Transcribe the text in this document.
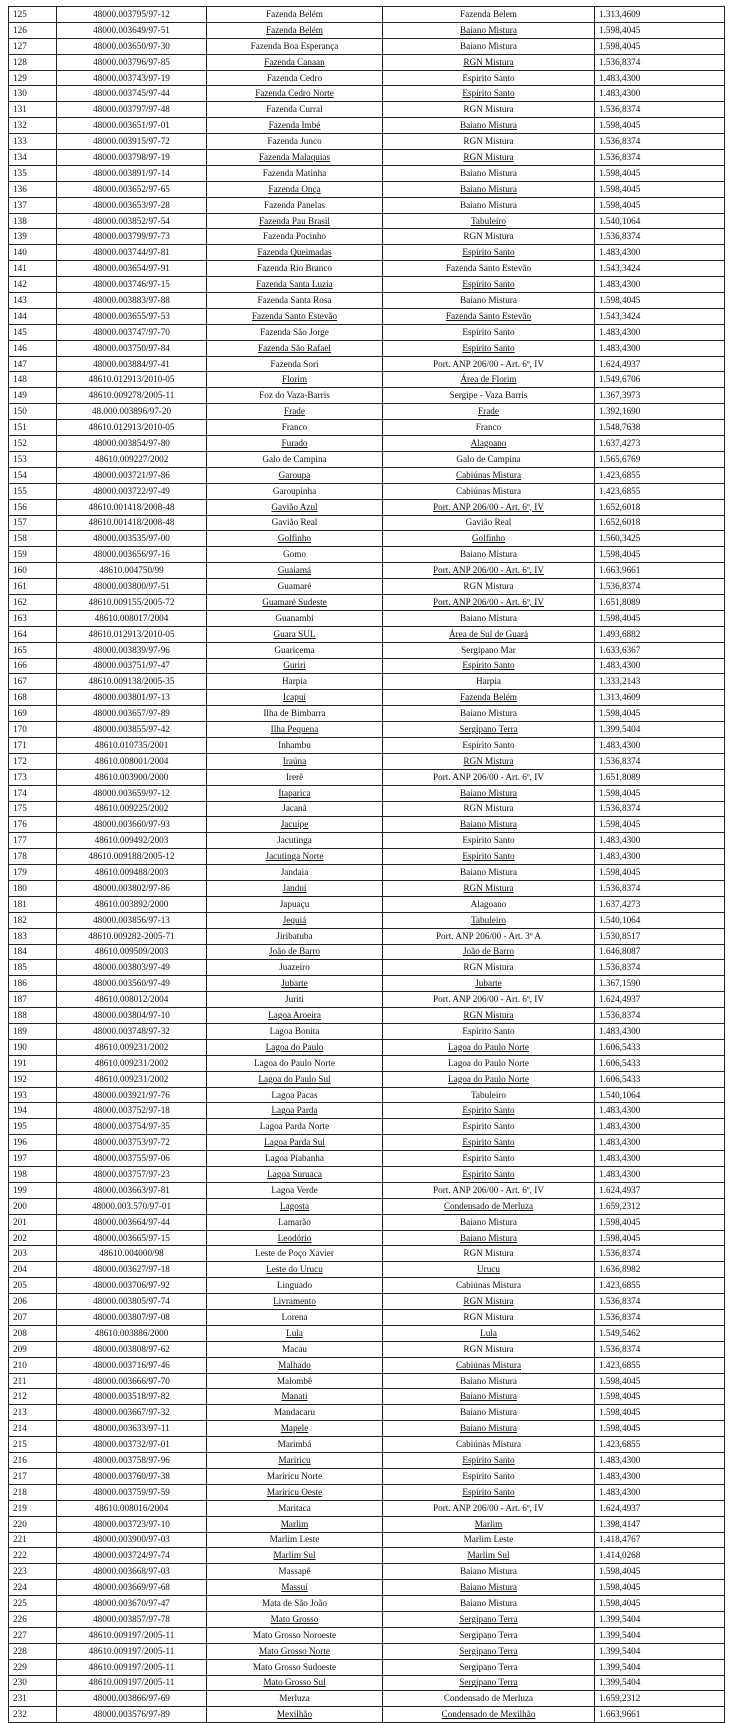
125	48000.003795/97-12	Fazenda Belém	Fazenda Belem	1.313,4609
126	48000.003649/97-51	Fazenda Belém	Baiano Mistura	1.598,4045
127	48000.003650/97-30	Fazenda Boa Esperança	Baiano Mistura	1.598,4045
128	48000.003796/97-85	Fazenda Canaan	RGN Mistura	1.536,8374
129	48000.003743/97-19	Fazenda Cedro	Espírito Santo	1.483,4300
130	48000.003745/97-44	Fazenda Cedro Norte	Espírito Santo	1.483,4300
131	48000.003797/97-48	Fazenda Curral	RGN Mistura	1.536,8374
132	48000.003651/97-01	Fazenda Imbé	Baiano Mistura	1.598,4045
133	48000.003915/97-72	Fazenda Junco	RGN Mistura	1.536,8374
134	48000.003798/97-19	Fazenda Malaquias	RGN Mistura	1.536,8374
135	48000.003891/97-14	Fazenda Matinha	Baiano Mistura	1.598,4045
136	48000.003652/97-65	Fazenda Onça	Baiano Mistura	1.598,4045
137	48000.003653/97-28	Fazenda Panelas	Baiano Mistura	1.598,4045
138	48000.003852/97-54	Fazenda Pau Brasil	Tabuleiro	1.540,1064
139	48000.003799/97-73	Fazenda Pocinho	RGN Mistura	1.536,8374
140	48000.003744/97-81	Fazenda Queimadas	Espírito Santo	1.483,4300
141	48000.003654/97-91	Fazenda Rio Branco	Fazenda Santo Estevão	1.543,3424
142	48000.003746/97-15	Fazenda Santa Luzia	Espírito Santo	1.483,4300
143	48000.003883/97-88	Fazenda Santa Rosa	Baiano Mistura	1.598,4045
144	48000.003655/97-53	Fazenda Santo Estevão	Fazenda Santo Estevão	1.543,3424
145	48000.003747/97-70	Fazenda São Jorge	Espírito Santo	1.483,4300
146	48000.003750/97-84	Fazenda São Rafael	Espírito Santo	1.483,4300
147	48000.003884/97-41	Fazenda Sori	Port. ANP 206/00 - Art. 6º, IV	1.624,4937
148	48610.012913/2010-05	Florim	Área de Florim	1.549,6706
149	48610.009278/2005-11	Foz do Vaza-Barris	Sergipe - Vaza Barris	1.367,3973
150	48.000.003896/97-20	Frade	Frade	1.392,1690
151	48610.012913/2010-05	Franco	Franco	1.548,7638
152	48000.003854/97-80	Furado	Alagoano	1.637,4273
153	48610.009227/2002	Galo de Campina	Galo de Campina	1.565,6769
154	48000.003721/97-86	Garoupa	Cabiúnas Mistura	1.423,6855
155	48000.003722/97-49	Garoupinha	Cabiúnas Mistura	1.423,6855
156	48610.001418/2008-48	Gavião Azul	Port. ANP 206/00 - Art. 6º, IV	1.652,6018
157	48610.001418/2008-48	Gavião Real	Gavião Real	1.652,6018
158	48000.003535/97-00	Golfinho	Golfinho	1.560,3425
159	48000.003656/97-16	Gomo	Baiano Mistura	1.598,4045
160	48610.004750/99	Guaiamá	Port. ANP 206/00 - Art. 6º, IV	1.663,9661
161	48000.003800/97-51	Guamaré	RGN Mistura	1.536,8374
162	48610.009155/2005-72	Guamaré Sudeste	Port. ANP 206/00 - Art. 6º, IV	1.651,8089
163	48610.008017/2004	Guanambi	Baiano Mistura	1.598,4045
164	48610.012913/2010-05	Guara SUL	Área de Sul de Guará	1.493,6882
165	48000.003839/97-96	Guaricema	Sergipano Mar	1.633,6367
166	48000.003751/97-47	Guriri	Espírito Santo	1.483,4300
167	48610.009138/2005-35	Harpia	Harpia	1.333,2143
168	48000.003801/97-13	Icapuí	Fazenda Belém	1.313,4609
169	48000.003657/97-89	Ilha de Bimbarra	Baiano Mistura	1.598,4045
170	48000.003855/97-42	Ilha Pequena	Sergipano Terra	1.399,5404
171	48610.010735/2001	Inhambu	Espírito Santo	1.483,4300
172	48610.008001/2004	Iraúna	RGN Mistura	1.536,8374
173	48610.003900/2000	Irerê	Port. ANP 206/00 - Art. 6º, IV	1.651,8089
174	48000.003659/97-12	Itaparica	Baiano Mistura	1.598,4045
175	48610.009225/2002	Jacanã	RGN Mistura	1.536,8374
176	48000.003660/97-93	Jacuípe	Baiano Mistura	1.598,4045
177	48610.009492/2003	Jacutinga	Espírito Santo	1.483,4300
178	48610.009188/2005-12	Jacutinga Norte	Espírito Santo	1.483,4300
179	48610.009488/2003	Jandaia	Baiano Mistura	1.598,4045
180	48000.003802/97-86	Janduí	RGN Mistura	1.536,8374
181	48610.003892/2000	Japuaçu	Alagoano	1.637,4273
182	48000.003856/97-13	Jequiá	Tabuleiro	1.540,1064
183	48610.009282-2005-71	Jiribatuba	Port. ANP 206/00 - Art. 3º A	1.530,8517
184	48610.009509/2003	João de Barro	João de Barro	1.646,8087
185	48000.003803/97-49	Juazeiro	RGN Mistura	1.536,8374
186	48000.003560/97-49	Jubarte	Jubarte	1.367,1590
187	48610.008012/2004	Juriti	Port. ANP 206/00 - Art. 6º, IV	1.624,4937
188	48000.003804/97-10	Lagoa Aroeira	RGN Mistura	1.536,8374
189	48000.003748/97-32	Lagoa Bonita	Espírito Santo	1.483,4300
190	48610.009231/2002	Lagoa do Paulo	Lagoa do Paulo Norte	1.606,5433
191	48610.009231/2002	Lagoa do Paulo Norte	Lagoa do Paulo Norte	1.606,5433
192	48610.009231/2002	Lagoa do Paulo Sul	Lagoa do Paulo Norte	1.606,5433
193	48000.003921/97-76	Lagoa Pacas	Tabuleiro	1.540,1064
194	48000.003752/97-18	Lagoa Parda	Espírito Santo	1.483,4300
195	48000.003754/97-35	Lagoa Parda Norte	Espírito Santo	1.483,4300
196	48000.003753/97-72	Lagoa Parda Sul	Espírito Santo	1.483,4300
197	48000.003755/97-06	Lagoa Piabanha	Espírito Santo	1.483,4300
198	48000.003757/97-23	Lagoa Suruaca	Espírito Santo	1.483,4300
199	48000.003663/97-81	Lagoa Verde	Port. ANP 206/00 - Art. 6º, IV	1.624,4937
200	48000.003.570/97-01	Lagosta	Condensado de Merluza	1.659,2312
201	48000.003664/97-44	Lamarão	Baiano Mistura	1.598,4045
202	48000.003665/97-15	Leodório	Baiano Mistura	1.598,4045
203	48610.004000/98	Leste de Poço Xavier	RGN Mistura	1.536,8374
204	48000.003627/97-18	Leste do Urucu	Urucu	1.636,8982
205	48000.003706/97-92	Linguado	Cabiúnas Mistura	1.423,6855
206	48000.003805/97-74	Livramento	RGN Mistura	1.536,8374
207	48000.003807/97-08	Lorena	RGN Mistura	1.536,8374
208	48610.003886/2000	Lula	Lula	1.549,5462
209	48000.003808/97-62	Macau	RGN Mistura	1.536,8374
210	48000.003716/97-46	Malhado	Cabiúnas Mistura	1.423,6855
211	48000.003666/97-70	Malombê	Baiano Mistura	1.598,4045
212	48000.003518/97-82	Manati	Baiano Mistura	1.598,4045
213	48000.003667/97-32	Mandacaru	Baiano Mistura	1.598,4045
214	48000.003633/97-11	Mapele	Baiano Mistura	1.598,4045
215	48000.003732/97-01	Marimbá	Cabiúnas Mistura	1.423,6855
216	48000.003758/97-96	Mariricu	Espírito Santo	1.483,4300
217	48000.003760/97-38	Mariricu Norte	Espírito Santo	1.483,4300
218	48000.003759/97-59	Mariricu Oeste	Espírito Santo	1.483,4300
219	48610.008016/2004	Maritaca	Port. ANP 206/00 - Art. 6º, IV	1.624,4937
220	48000.003723/97-10	Marlim	Marlim	1.398,4147
221	48000.003900/97-03	Marlim Leste	Marlim Leste	1.418,4767
222	48000.003724/97-74	Marlim Sul	Marlim Sul	1.414,0268
223	48000.003668/97-03	Massapê	Baiano Mistura	1.598,4045
224	48000.003669/97-68	Massuí	Baiano Mistura	1.598,4045
225	48000.003670/97-47	Mata de São João	Baiano Mistura	1.598,4045
226	48000.003857/97-78	Mato Grosso	Sergipano Terra	1.399,5404
227	48610.009197/2005-11	Mato Grosso Noroeste	Sergipano Terra	1.399,5404
228	48610.009197/2005-11	Mato Grosso Norte	Sergipano Terra	1.399,5404
229	48610.009197/2005-11	Mato Grosso Sudoeste	Sergipano Terra	1.399,5404
230	48610.009197/2005-11	Mato Grosso Sul	Sergipano Terra	1.399,5404
231	48000.003866/97-69	Merluza	Condensado de Merluza	1.659,2312
232	48000.003576/97-89	Mexilhão	Condensado de Mexilhão	1.663,9661
